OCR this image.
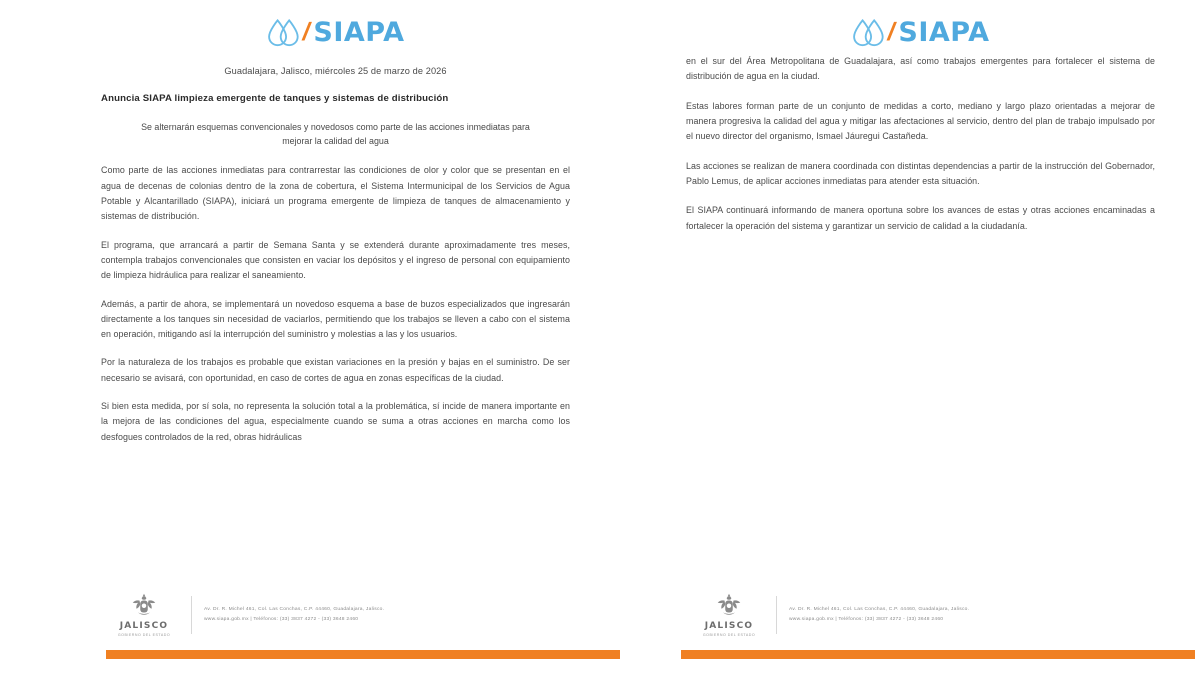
/ SIAPA
Guadalajara, Jalisco, miércoles 25 de marzo de 2026
Anuncia SIAPA limpieza emergente de tanques y sistemas de distribución
Se alternarán esquemas convencionales y novedosos como parte de las acciones inmediatas para mejorar la calidad del agua

Como parte de las acciones inmediatas para contrarrestar las condiciones de olor y color que se presentan en el agua de decenas de colonias dentro de la zona de cobertura, el Sistema Intermunicipal de los Servicios de Agua Potable y Alcantarillado (SIAPA), iniciará un programa emergente de limpieza de tanques de almacenamiento y sistemas de distribución.

El programa, que arrancará a partir de Semana Santa y se extenderá durante aproximadamente tres meses, contempla trabajos convencionales que consisten en vaciar los depósitos y el ingreso de personal con equipamiento de limpieza hidráulica para realizar el saneamiento.

Además, a partir de ahora, se implementará un novedoso esquema a base de buzos especializados que ingresarán directamente a los tanques sin necesidad de vaciarlos, permitiendo que los trabajos se lleven a cabo con el sistema en operación, mitigando así la interrupción del suministro y molestias a las y los usuarios.

Por la naturaleza de los trabajos es probable que existan variaciones en la presión y bajas en el suministro. De ser necesario se avisará, con oportunidad, en caso de cortes de agua en zonas específicas de la ciudad.

Si bien esta medida, por sí sola, no representa la solución total a la problemática, sí incide de manera importante en la mejora de las condiciones del agua, especialmente cuando se suma a otras acciones en marcha como los desfogues controlados de la red, obras hidráulicas

JALISCO
GOBIERNO DEL ESTADO
Av. Dr. R. Michel 461, Col. Las Conchas, C.P. 44460, Guadalajara, Jalisco.
www.siapa.gob.mx | Teléfonos: (33) 3837 4272 - (33) 3648 2460
/ SIAPA

en el sur del Área Metropolitana de Guadalajara, así como trabajos emergentes para fortalecer el sistema de distribución de agua en la ciudad.

Estas labores forman parte de un conjunto de medidas a corto, mediano y largo plazo orientadas a mejorar de manera progresiva la calidad del agua y mitigar las afectaciones al servicio, dentro del plan de trabajo impulsado por el nuevo director del organismo, Ismael Jáuregui Castañeda.

Las acciones se realizan de manera coordinada con distintas dependencias a partir de la instrucción del Gobernador, Pablo Lemus, de aplicar acciones inmediatas para atender esta situación.

El SIAPA continuará informando de manera oportuna sobre los avances de estas y otras acciones encaminadas a fortalecer la operación del sistema y garantizar un servicio de calidad a la ciudadanía.

JALISCO
GOBIERNO DEL ESTADO
Av. Dr. R. Michel 461, Col. Las Conchas, C.P. 44460, Guadalajara, Jalisco.
www.siapa.gob.mx | Teléfonos: (33) 3837 4272 - (33) 3648 2460
